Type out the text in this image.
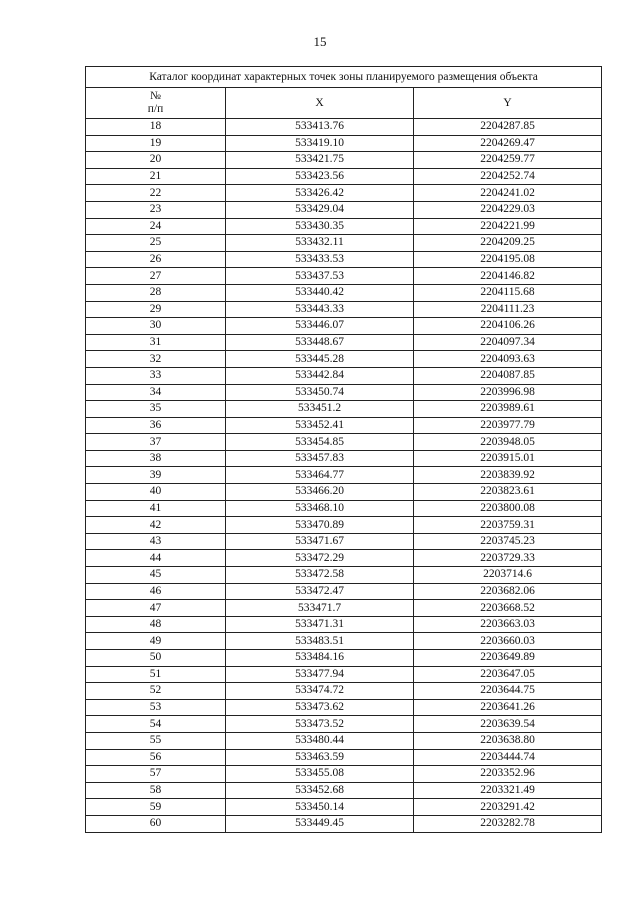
15
Каталог координат характерных точек зоны планируемого размещения объекта		
№
п/п	X	Y
18	533413.76	2204287.85
19	533419.10	2204269.47
20	533421.75	2204259.77
21	533423.56	2204252.74
22	533426.42	2204241.02
23	533429.04	2204229.03
24	533430.35	2204221.99
25	533432.11	2204209.25
26	533433.53	2204195.08
27	533437.53	2204146.82
28	533440.42	2204115.68
29	533443.33	2204111.23
30	533446.07	2204106.26
31	533448.67	2204097.34
32	533445.28	2204093.63
33	533442.84	2204087.85
34	533450.74	2203996.98
35	533451.2	2203989.61
36	533452.41	2203977.79
37	533454.85	2203948.05
38	533457.83	2203915.01
39	533464.77	2203839.92
40	533466.20	2203823.61
41	533468.10	2203800.08
42	533470.89	2203759.31
43	533471.67	2203745.23
44	533472.29	2203729.33
45	533472.58	2203714.6
46	533472.47	2203682.06
47	533471.7	2203668.52
48	533471.31	2203663.03
49	533483.51	2203660.03
50	533484.16	2203649.89
51	533477.94	2203647.05
52	533474.72	2203644.75
53	533473.62	2203641.26
54	533473.52	2203639.54
55	533480.44	2203638.80
56	533463.59	2203444.74
57	533455.08	2203352.96
58	533452.68	2203321.49
59	533450.14	2203291.42
60	533449.45	2203282.78
